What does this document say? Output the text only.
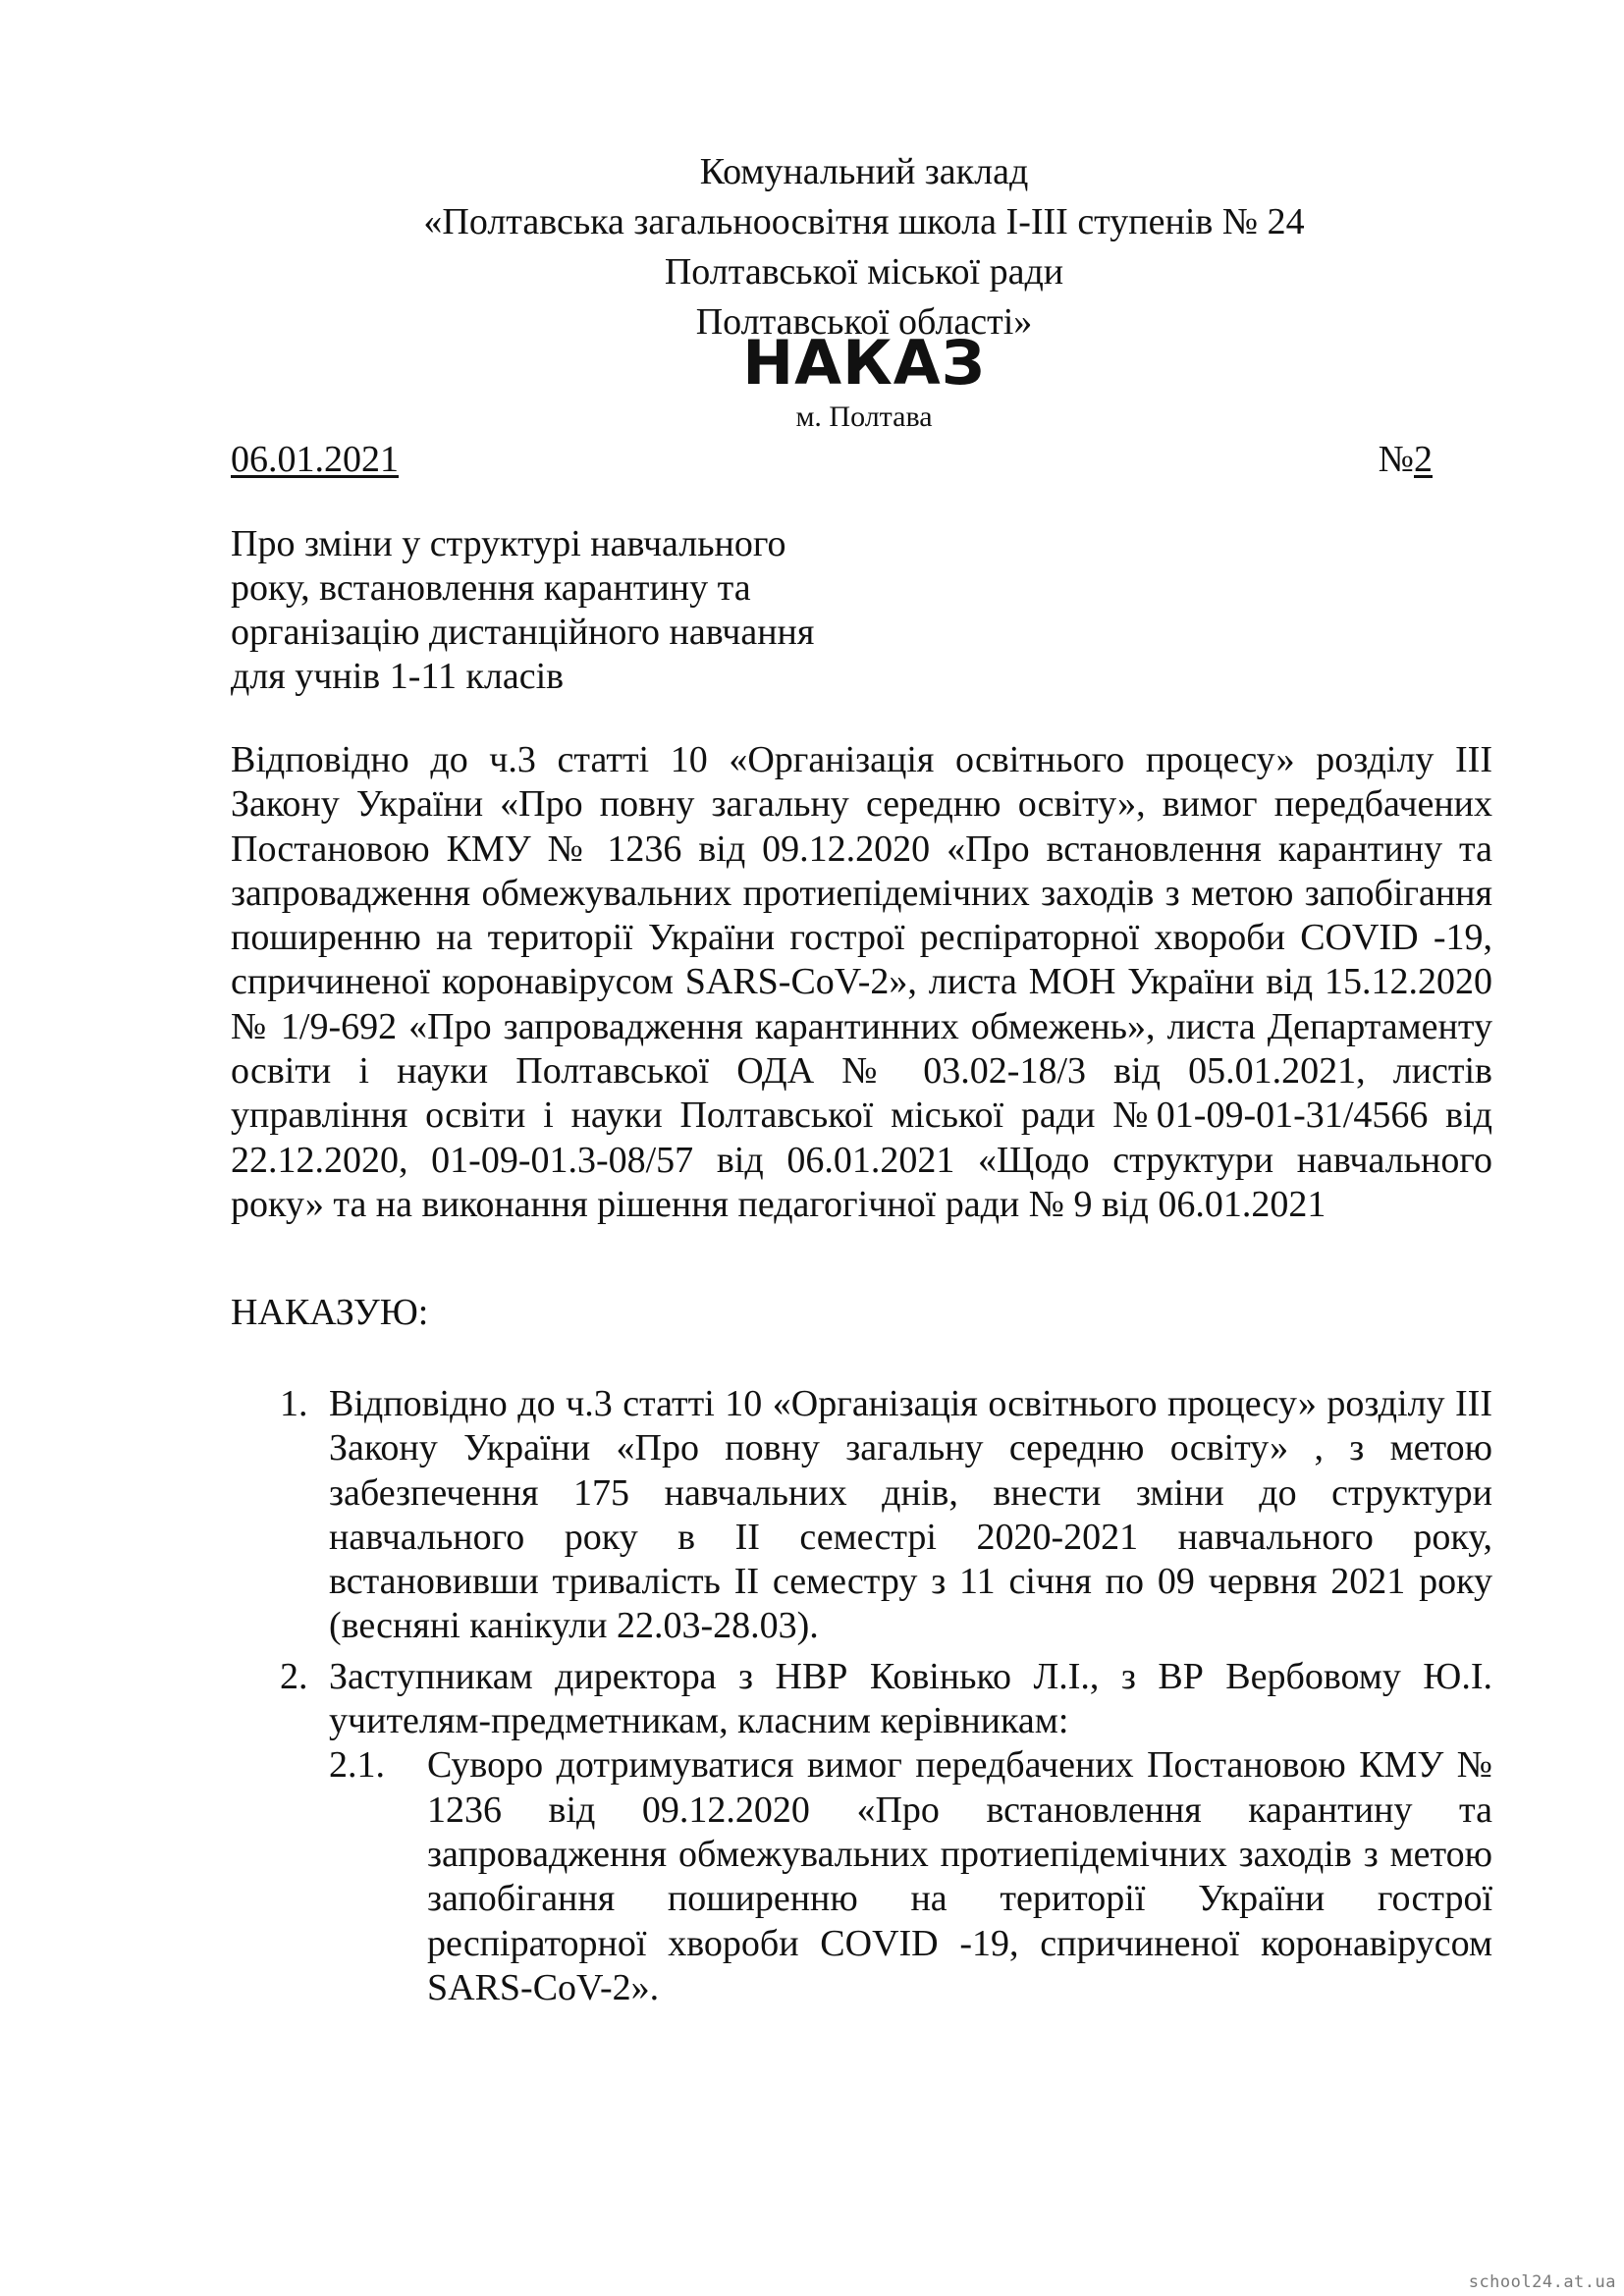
Комунальний заклад
«Полтавська загальноосвітня школа І-ІІІ ступенів № 24
Полтавської міської ради
Полтавської області»
НАКАЗ
м. Полтава
06.01.2021	№2
Про зміни у структурі навчального
року, встановлення карантину та
організацію дистанційного навчання
для учнів 1-11 класів
Відповідно до ч.3 статті 10 «Організація освітнього процесу» розділу ІІІ Закону України «Про повну загальну середню освіту», вимог передбачених Постановою КМУ № 1236 від 09.12.2020 «Про встановлення карантину та запровадження обмежувальних протиепідемічних заходів з метою запобігання поширенню на території України гострої респіраторної хвороби COVID -19, спричиненої коронавірусом SARS-CoV-2», листа МОН України від 15.12.2020 № 1/9-692 «Про запровадження карантинних обмежень», листа Департаменту освіти і науки Полтавської ОДА № 03.02-18/3 від 05.01.2021, листів управління освіти і науки Полтавської міської ради №01-09-01-31/4566 від 22.12.2020, 01-09-01.3-08/57 від 06.01.2021 «Щодо структури навчального року» та на виконання рішення педагогічної ради № 9 від 06.01.2021
НАКАЗУЮ:
1. Відповідно до ч.3 статті 10 «Організація освітнього процесу» розділу ІІІ Закону України «Про повну загальну середню освіту» , з метою забезпечення 175 навчальних днів, внести зміни до структури навчального року в ІІ семестрі 2020-2021 навчального року, встановивши тривалість ІІ семестру з 11 січня по 09 червня 2021 року (весняні канікули 22.03-28.03).
2. Заступникам директора з НВР Ковінько Л.І., з ВР Вербовому Ю.І. учителям-предметникам, класним керівникам:
2.1. Суворо дотримуватися вимог передбачених Постановою КМУ № 1236 від 09.12.2020 «Про встановлення карантину та запровадження обмежувальних протиепідемічних заходів з метою запобігання поширенню на території України гострої респіраторної хвороби COVID -19, спричиненої коронавірусом SARS-CoV-2».
school24.at.ua
